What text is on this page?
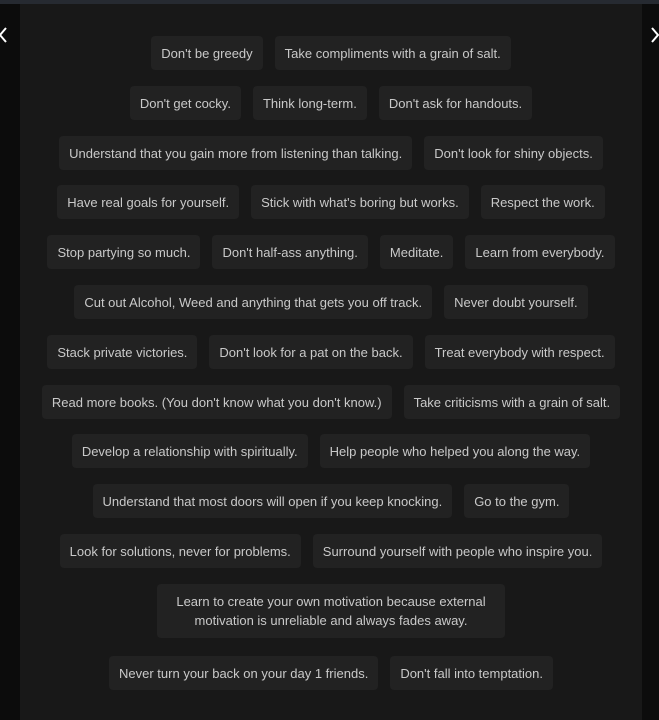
Don't be greedy	Take compliments with a grain of salt.
Don't get cocky.	Think long-term.	Don't ask for handouts.
Understand that you gain more from listening than talking.	Don't look for shiny objects.
Have real goals for yourself.	Stick with what's boring but works.	Respect the work.
Stop partying so much.	Don't half-ass anything.	Meditate.	Learn from everybody.
Cut out Alcohol, Weed and anything that gets you off track.	Never doubt yourself.
Stack private victories.	Don't look for a pat on the back.	Treat everybody with respect.
Read more books. (You don't know what you don't know.)	Take criticisms with a grain of salt.
Develop a relationship with spiritually.	Help people who helped you along the way.
Understand that most doors will open if you keep knocking.	Go to the gym.
Look for solutions, never for problems.	Surround yourself with people who inspire you.
Learn to create your own motivation because external motivation is unreliable and always fades away.
Never turn your back on your day 1 friends.	Don't fall into temptation.
